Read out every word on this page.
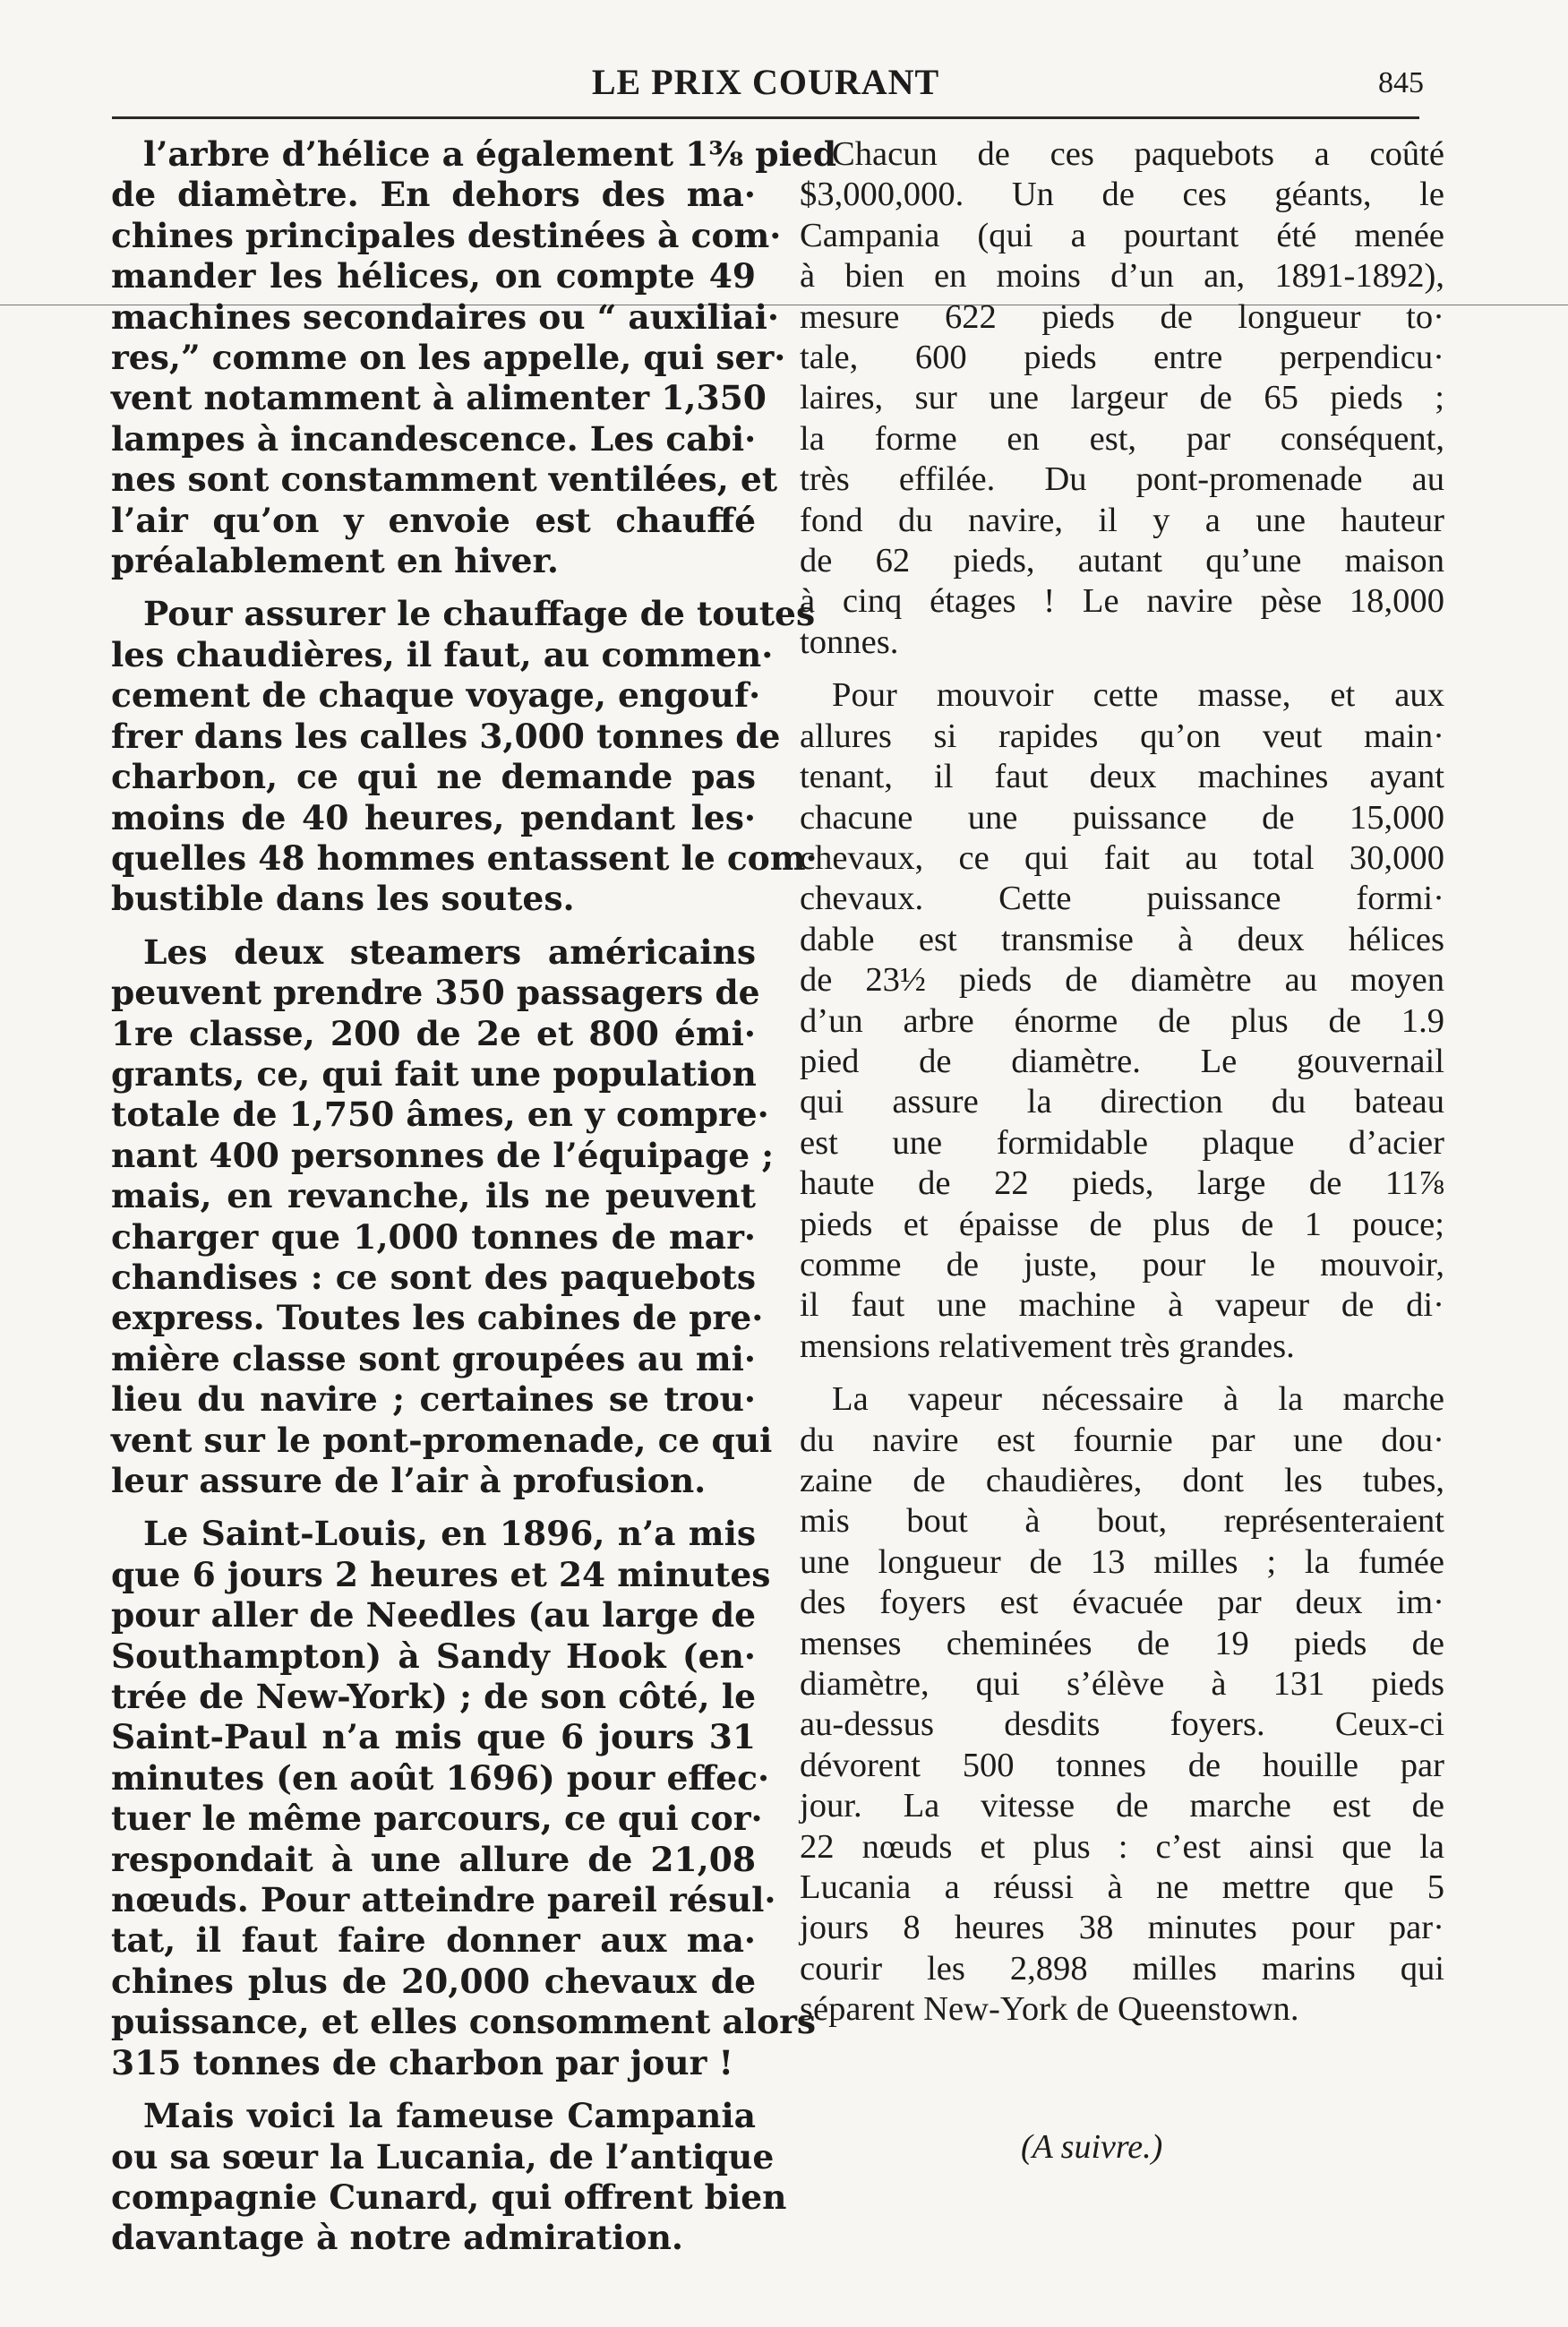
LE PRIX COURANT	845
l’arbre d’hélice a également 1⅜ pied
de diamètre. En dehors des ma·
chines principales destinées à com·
mander les hélices, on compte 49
machines secondaires ou “ auxiliai·
res,” comme on les appelle, qui ser·
vent notamment à alimenter 1,350
lampes à incandescence. Les cabi·
nes sont constamment ventilées, et
l’air qu’on y envoie est chauffé
préalablement en hiver.
Pour assurer le chauffage de toutes
les chaudières, il faut, au commen·
cement de chaque voyage, engouf·
frer dans les calles 3,000 tonnes de
charbon, ce qui ne demande pas
moins de 40 heures, pendant les·
quelles 48 hommes entassent le com·
bustible dans les soutes.
Les deux steamers américains
peuvent prendre 350 passagers de
1re classe, 200 de 2e et 800 émi·
grants, ce, qui fait une population
totale de 1,750 âmes, en y compre·
nant 400 personnes de l’équipage ;
mais, en revanche, ils ne peuvent
charger que 1,000 tonnes de mar·
chandises : ce sont des paquebots
express. Toutes les cabines de pre·
mière classe sont groupées au mi·
lieu du navire ; certaines se trou·
vent sur le pont-promenade, ce qui
leur assure de l’air à profusion.
Le Saint-Louis, en 1896, n’a mis
que 6 jours 2 heures et 24 minutes
pour aller de Needles (au large de
Southampton) à Sandy Hook (en·
trée de New-York) ; de son côté, le
Saint-Paul n’a mis que 6 jours 31
minutes (en août 1696) pour effec·
tuer le même parcours, ce qui cor·
respondait à une allure de 21,08
nœuds. Pour atteindre pareil résul·
tat, il faut faire donner aux ma·
chines plus de 20,000 chevaux de
puissance, et elles consomment alors
315 tonnes de charbon par jour !
Mais voici la fameuse Campania
ou sa sœur la Lucania, de l’antique
compagnie Cunard, qui offrent bien
davantage à notre admiration.
Chacun de ces paquebots a coûté
$3,000,000. Un de ces géants, le
Campania (qui a pourtant été menée
à bien en moins d’un an, 1891-1892),
mesure 622 pieds de longueur to·
tale, 600 pieds entre perpendicu·
laires, sur une largeur de 65 pieds ;
la forme en est, par conséquent,
très effilée. Du pont-promenade au
fond du navire, il y a une hauteur
de 62 pieds, autant qu’une maison
à cinq étages ! Le navire pèse 18,000
tonnes.
Pour mouvoir cette masse, et aux
allures si rapides qu’on veut main·
tenant, il faut deux machines ayant
chacune une puissance de 15,000
chevaux, ce qui fait au total 30,000
chevaux. Cette puissance formi·
dable est transmise à deux hélices
de 23½ pieds de diamètre au moyen
d’un arbre énorme de plus de 1.9
pied de diamètre. Le gouvernail
qui assure la direction du bateau
est une formidable plaque d’acier
haute de 22 pieds, large de 11⅞
pieds et épaisse de plus de 1 pouce;
comme de juste, pour le mouvoir,
il faut une machine à vapeur de di·
mensions relativement très grandes.
La vapeur nécessaire à la marche
du navire est fournie par une dou·
zaine de chaudières, dont les tubes,
mis bout à bout, représenteraient
une longueur de 13 milles ; la fumée
des foyers est évacuée par deux im·
menses cheminées de 19 pieds de
diamètre, qui s’élève à 131 pieds
au-dessus desdits foyers. Ceux-ci
dévorent 500 tonnes de houille par
jour. La vitesse de marche est de
22 nœuds et plus : c’est ainsi que la
Lucania a réussi à ne mettre que 5
jours 8 heures 38 minutes pour par·
courir les 2,898 milles marins qui
séparent New-York de Queenstown.
(A suivre.)
